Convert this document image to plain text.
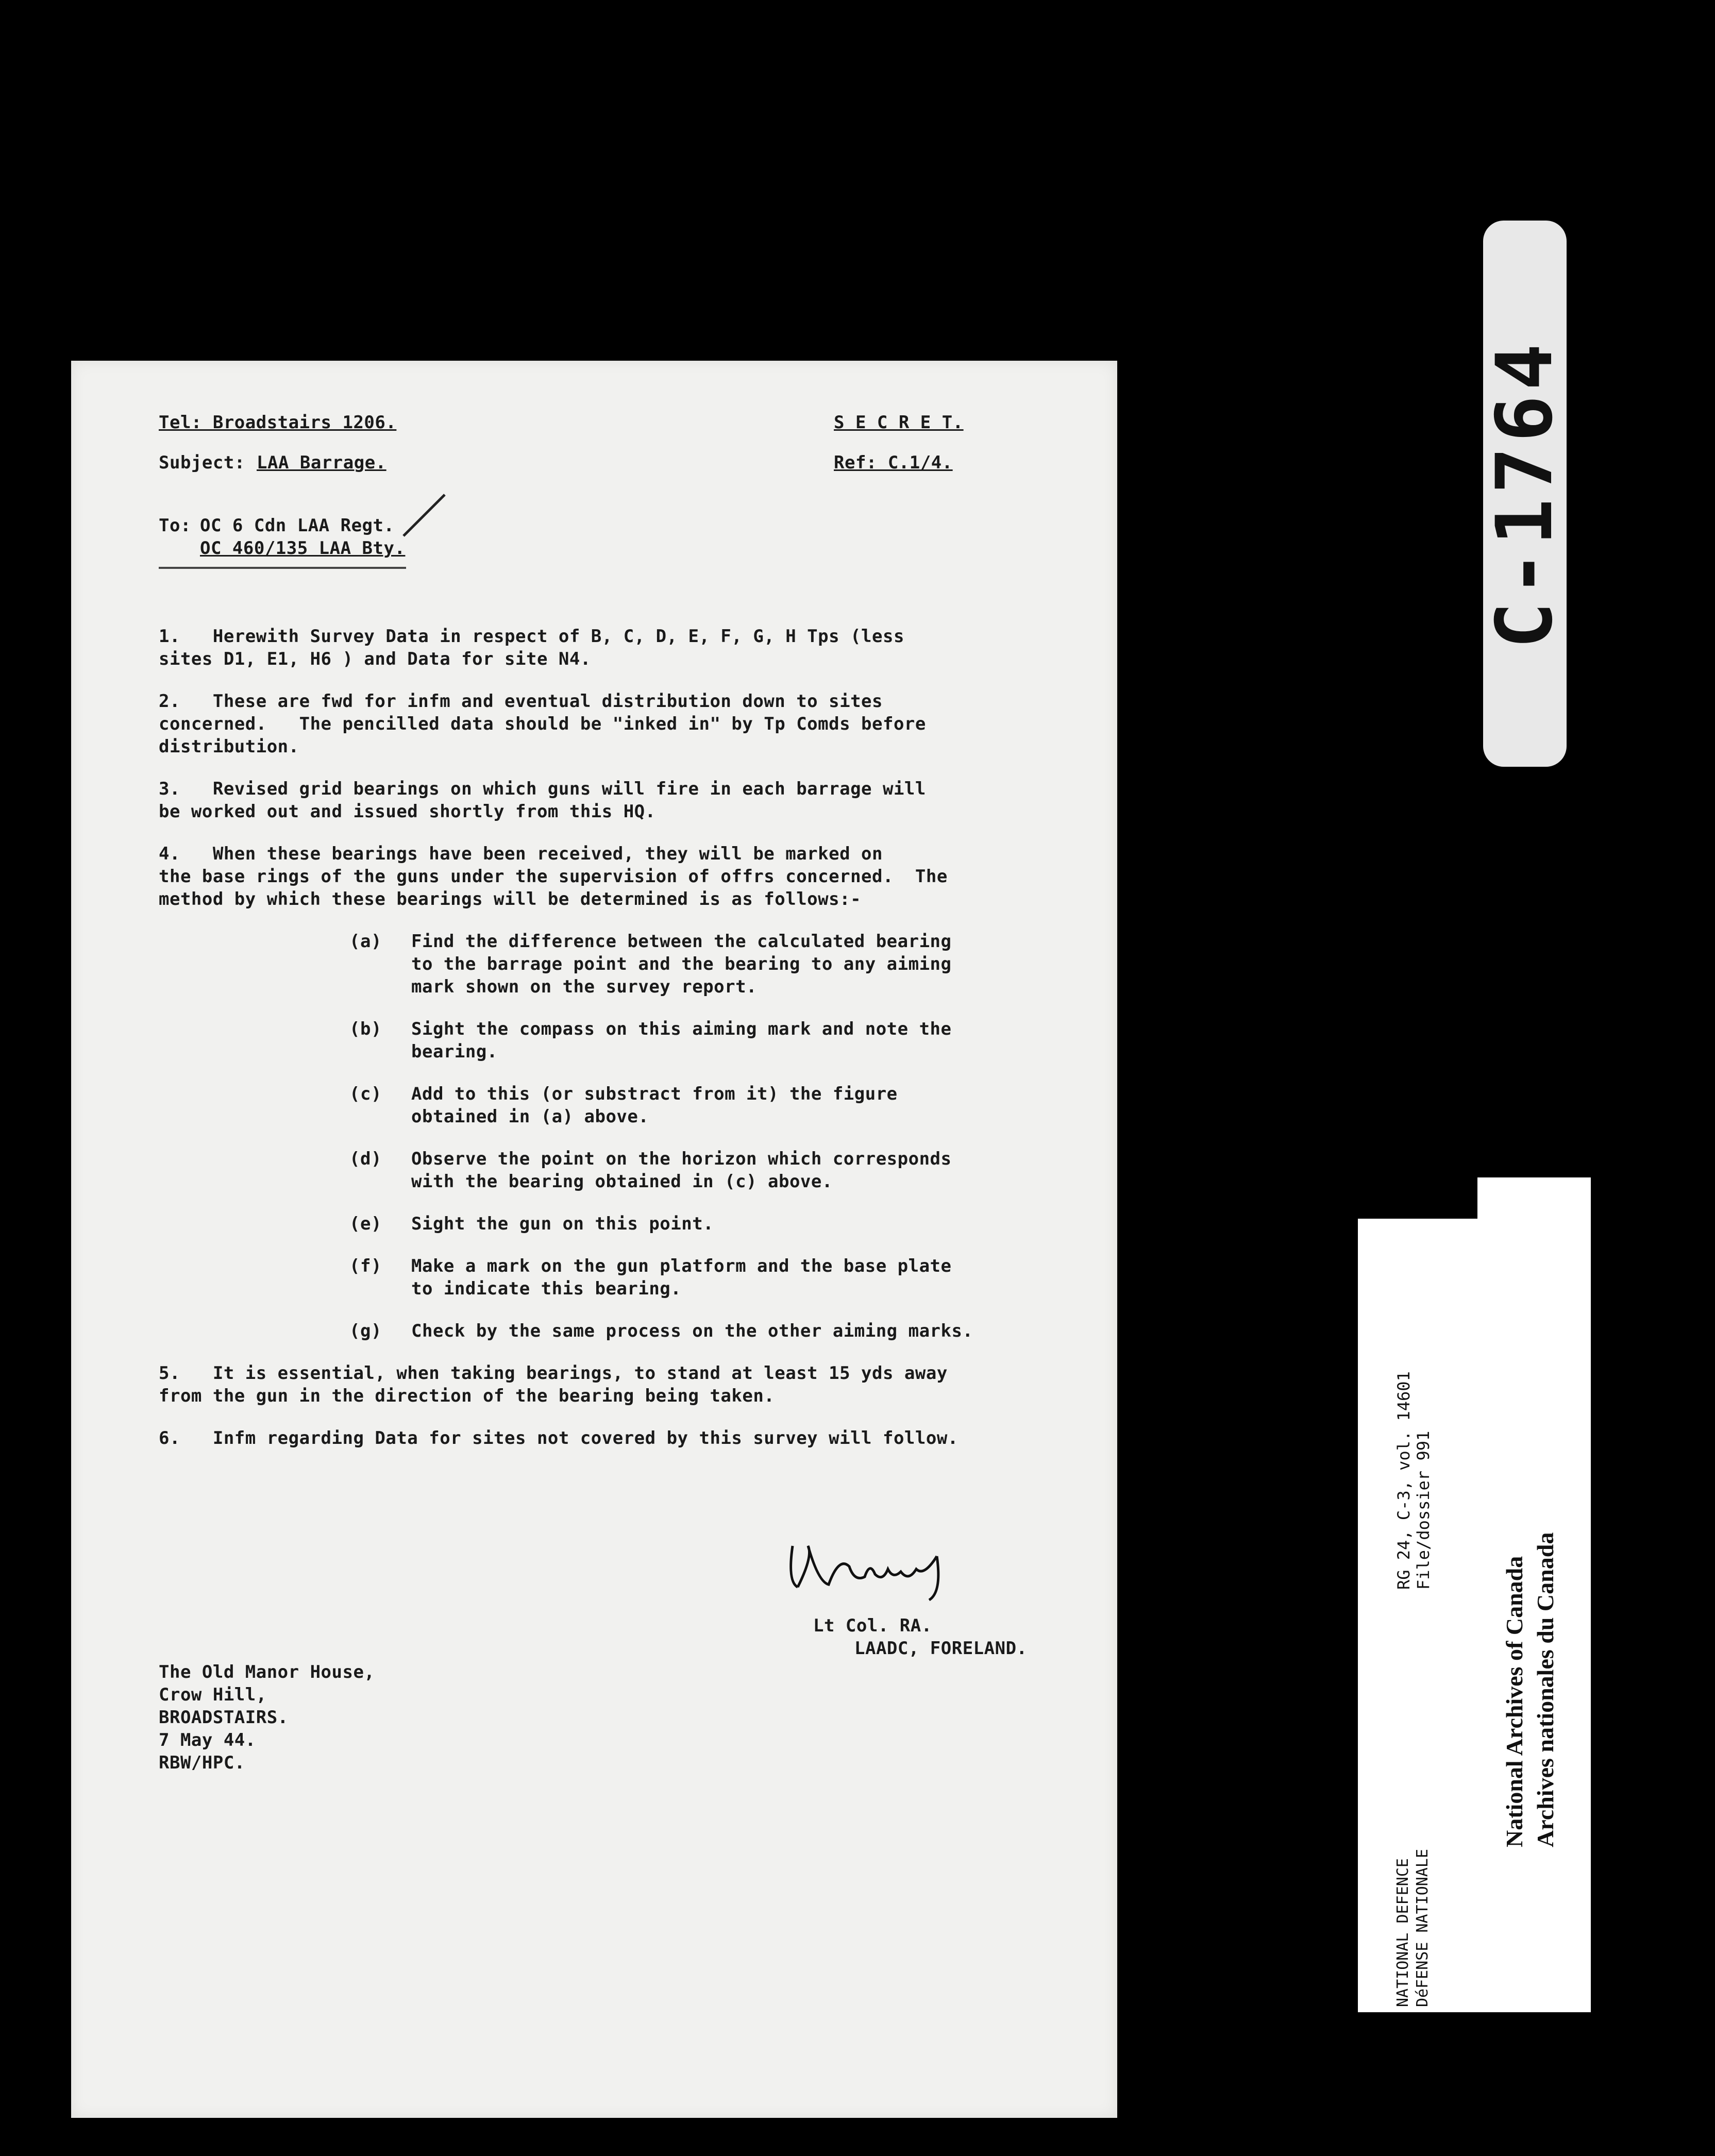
Tel: Broadstairs 1206.	S E C R E T.
Subject: LAA Barrage.	Ref: C.1/4.
To: OC 6 Cdn LAA Regt.
OC 460/135 LAA Bty.
Lt Col. RA.
LAADC, FORELAND.
1.   Herewith Survey Data in respect of B, C, D, E, F, G, H Tps (less
sites D1, E1, H6 ) and Data for site N4.
2.   These are fwd for infm and eventual distribution down to sites
concerned.   The pencilled data should be "inked in" by Tp Comds before
distribution.
3.   Revised grid bearings on which guns will fire in each barrage will
be worked out and issued shortly from this HQ.
4.   When these bearings have been received, they will be marked on
the base rings of the guns under the supervision of offrs concerned.  The
method by which these bearings will be determined is as follows:-
(a) Find the difference between the calculated bearing
to the barrage point and the bearing to any aiming
mark shown on the survey report.
(b) Sight the compass on this aiming mark and note the
bearing.
(c) Add to this (or substract from it) the figure
obtained in (a) above.
(d) Observe the point on the horizon which corresponds
with the bearing obtained in (c) above.
(e) Sight the gun on this point.
(f) Make a mark on the gun platform and the base plate
to indicate this bearing.
(g) Check by the same process on the other aiming marks.
5.   It is essential, when taking bearings, to stand at least 15 yds away
from the gun in the direction of the bearing being taken.
6.   Infm regarding Data for sites not covered by this survey will follow.
The Old Manor House,
Crow Hill,
BROADSTAIRS.
7 May 44.
RBW/HPC.
C-1764
NATIONAL DEFENCE DéFENSE NATIONALE
RG 24, C-3, vol. 14601 File/dossier 991
National Archives of Canada Archives nationales du Canada
